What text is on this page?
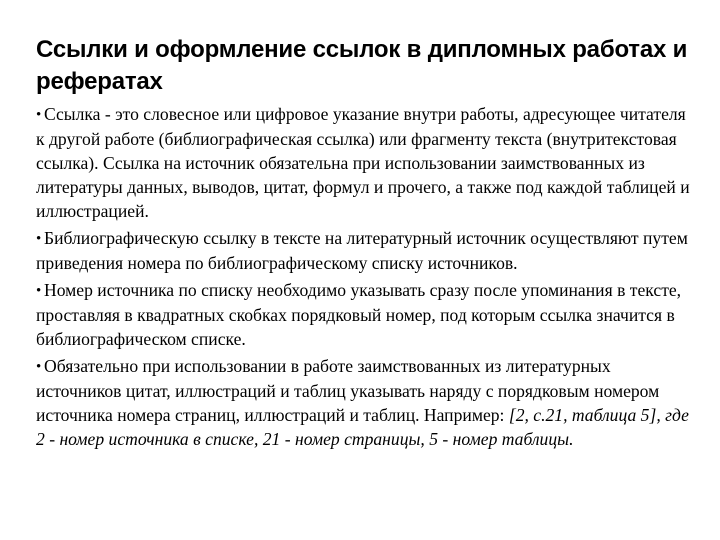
Ссылки и оформление ссылок в дипломных работах и рефератах
• Ссылка - это словесное или цифровое указание внутри работы, адресующее читателя к другой работе (библиографическая ссылка) или фрагменту текста (внутритекстовая ссылка). Ссылка на источник обязательна при использовании заимствованных из литературы данных, выводов, цитат, формул и прочего, а также под каждой таблицей и иллюстрацией.
• Библиографическую ссылку в тексте на литературный источник осуществляют путем приведения номера по библиографическому списку источников.
• Номер источника по списку необходимо указывать сразу после упоминания в тексте, проставляя в квадратных скобках порядковый номер, под которым ссылка значится в библиографическом списке.
• Обязательно при использовании в работе заимствованных из литературных источников цитат, иллюстраций и таблиц указывать наряду с порядковым номером источника номера страниц, иллюстраций и таблиц. Например: [2, с.21, таблица 5], где 2 - номер источника в списке, 21 - номер страницы, 5 - номер таблицы.
